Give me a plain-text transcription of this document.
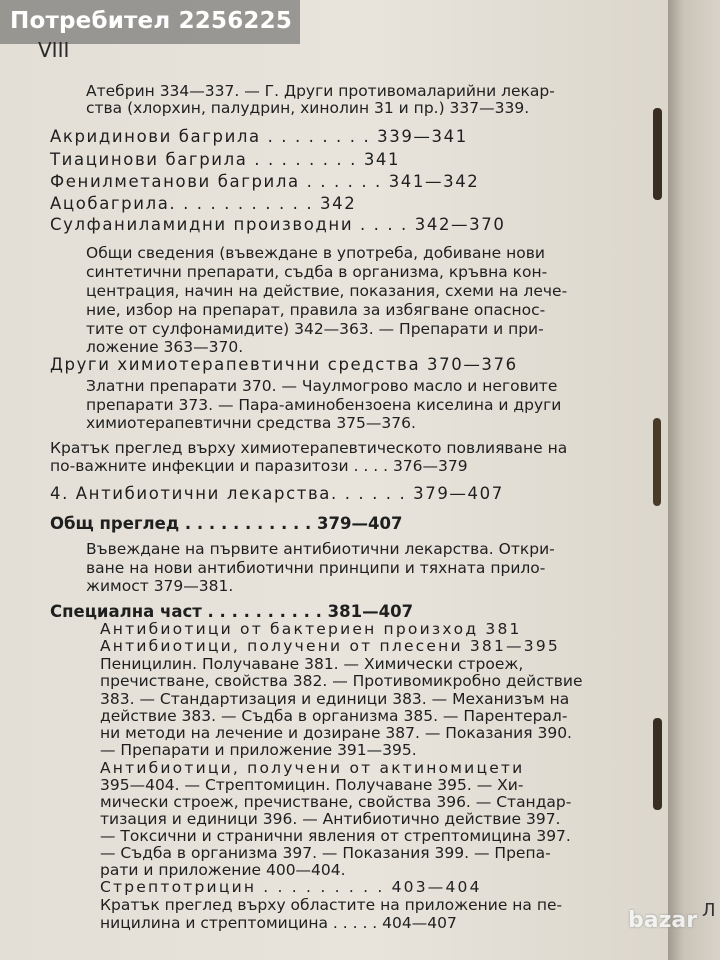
Потребител 2256225
VIII
Атебрин 334—337. — Г. Други противомаларийни лекар-
ства (хлорхин, палудрин, хинолин 31 и пр.) 337—339.
Акридинови багрила . . . . . . . . 339—341
Тиацинови багрила . . . . . . . . 341
Фенилметанови багрила . . . . . . 341—342
Ацобагрила. . . . . . . . . . . 342
Сулфаниламидни производни . . . . 342—370
Общи сведения (въвеждане в употреба, добиване нови
синтетични препарати, съдба в организма, кръвна кон-
центрация, начин на действие, показания, схеми на лече-
ние, избор на препарат, правила за избягване опаснос-
тите от сулфонамидите) 342—363. — Препарати и при-
ложение 363—370.
Други химиотерапевтични средства 370—376
Златни препарати 370. — Чаулмогрово масло и неговите
препарати 373. — Пара-аминобензоена киселина и други
химиотерапевтични средства 375—376.
Кратък преглед върху химиотерапевтическото повлияване на
по-важните инфекции и паразитози . . . . 376—379
4. Антибиотични лекарства. . . . . . 379—407
Общ преглед . . . . . . . . . . . 379—407
Въвеждане на първите антибиотични лекарства. Откри-
ване на нови антибиотични принципи и тяхната прило-
жимост 379—381.
Специална част . . . . . . . . . . 381—407
Антибиотици от бактериен произход 381
Антибиотици, получени от плесени 381—395
Пеницилин. Получаване 381. — Химически строеж,
пречистване, свойства 382. — Противомикробно действие
383. — Стандартизация и единици 383. — Механизъм на
действие 383. — Съдба в организма 385. — Парентерал-
ни методи на лечение и дозиране 387. — Показания 390.
— Препарати и приложение 391—395.
Антибиотици, получени от актиномицети
395—404. — Стрептомицин. Получаване 395. — Хи-
мически строеж, пречистване, свойства 396. — Стандар-
тизация и единици 396. — Антибиотично действие 397.
— Токсични и странични явления от стрептомицина 397.
— Съдба в организма 397. — Показания 399. — Препа-
рати и приложение 400—404.
Стрептотрицин . . . . . . . . . 403—404
Кратък преглед върху областите на приложение на пе-
ницилина и стрептомицина . . . . . 404—407
Л
bazar
